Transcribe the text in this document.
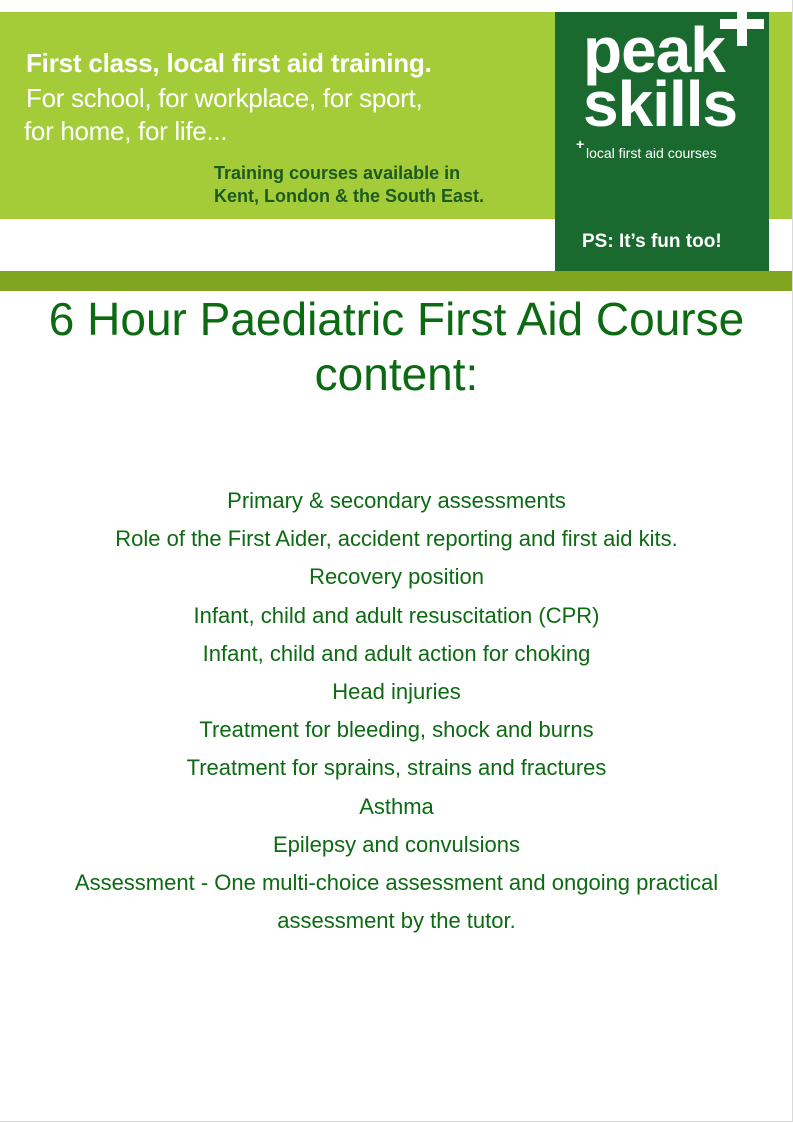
First class, local first aid training.
For school, for workplace, for sport,
for home, for life...
Training courses available in
Kent, London & the South East.
peak
skills
+
local first aid courses
PS: It’s fun too!
6 Hour Paediatric First Aid Course
content:
Primary & secondary assessments
Role of the First Aider, accident reporting and first aid kits.
Recovery position
Infant, child and adult resuscitation (CPR)
Infant, child and adult action for choking
Head injuries
Treatment for bleeding, shock and burns
Treatment for sprains, strains and fractures
Asthma
Epilepsy and convulsions
Assessment - One multi-choice assessment and ongoing practical
assessment by the tutor.
